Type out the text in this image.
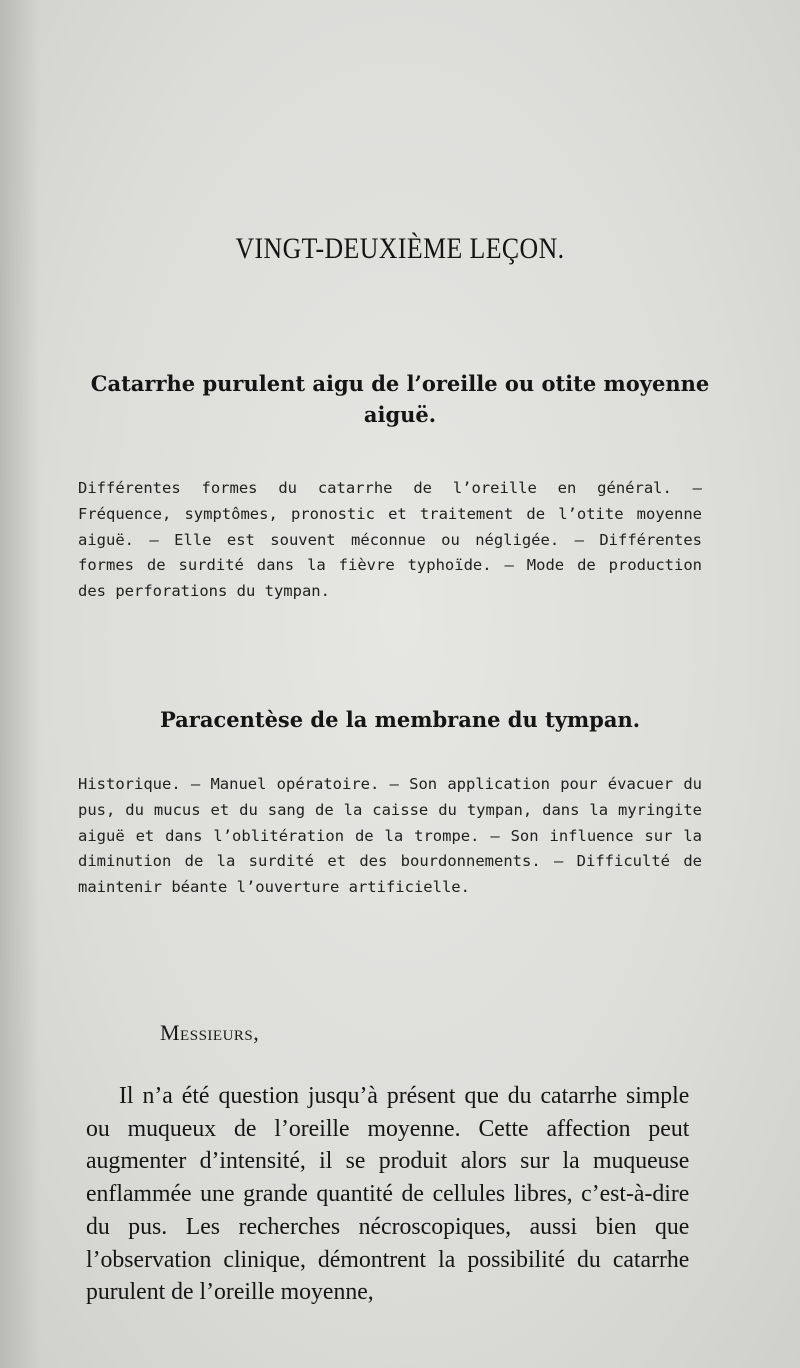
VINGT-DEUXIÈME LEÇON.
Catarrhe purulent aigu de l’oreille ou otite moyenne aiguë.

Différentes formes du catarrhe de l’oreille en général. — Fréquence, symptômes, pronostic et traitement de l’otite moyenne aiguë. — Elle est souvent méconnue ou négligée. — Différentes formes de surdité dans la fièvre typhoïde. — Mode de production des perforations du tympan.

Paracentèse de la membrane du tympan.

Historique. — Manuel opératoire. — Son application pour évacuer du pus, du mucus et du sang de la caisse du tympan, dans la myringite aiguë et dans l’oblitération de la trompe. — Son influence sur la diminution de la surdité et des bourdonnements. — Difficulté de maintenir béante l’ouverture artificielle.

Messieurs,

Il n’a été question jusqu’à présent que du catarrhe simple ou muqueux de l’oreille moyenne. Cette affection peut augmenter d’intensité, il se produit alors sur la muqueuse enflammée une grande quantité de cellules libres, c’est-à-dire du pus. Les recherches nécroscopiques, aussi bien que l’observation clinique, démontrent la possibilité du catarrhe purulent de l’oreille moyenne,
